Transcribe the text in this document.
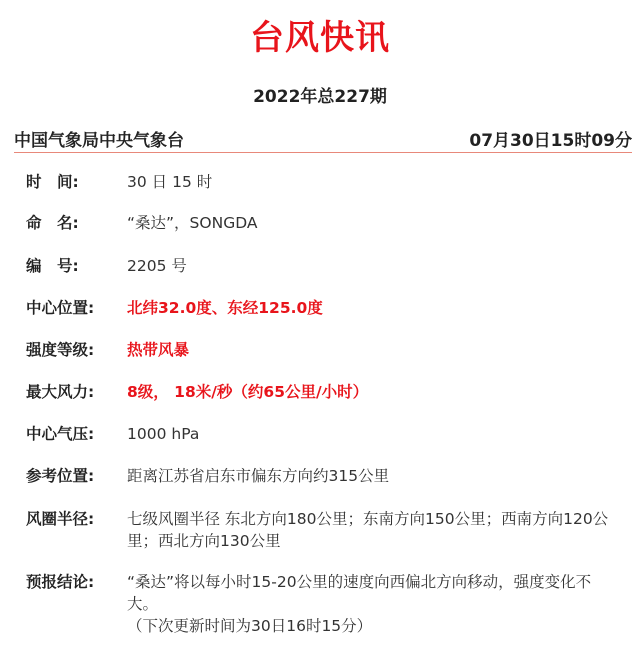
台风快讯
2022年总227期
中国气象局中央气象台	07月30日15时09分
时　间:	30 日 15 时
命　名:	“桑达”，SONGDA
编　号:	2205 号
中心位置:	北纬32.0度、东经125.0度
强度等级:	热带风暴
最大风力:	8级， 18米/秒（约65公里/小时）
中心气压:	1000 hPa
参考位置:	距离江苏省启东市偏东方向约315公里
风圈半径:	七级风圈半径 东北方向180公里；东南方向150公里；西南方向120公里；西北方向130公里
预报结论:	“桑达”将以每小时15-20公里的速度向西偏北方向移动，强度变化不大。
（下次更新时间为30日16时15分）
